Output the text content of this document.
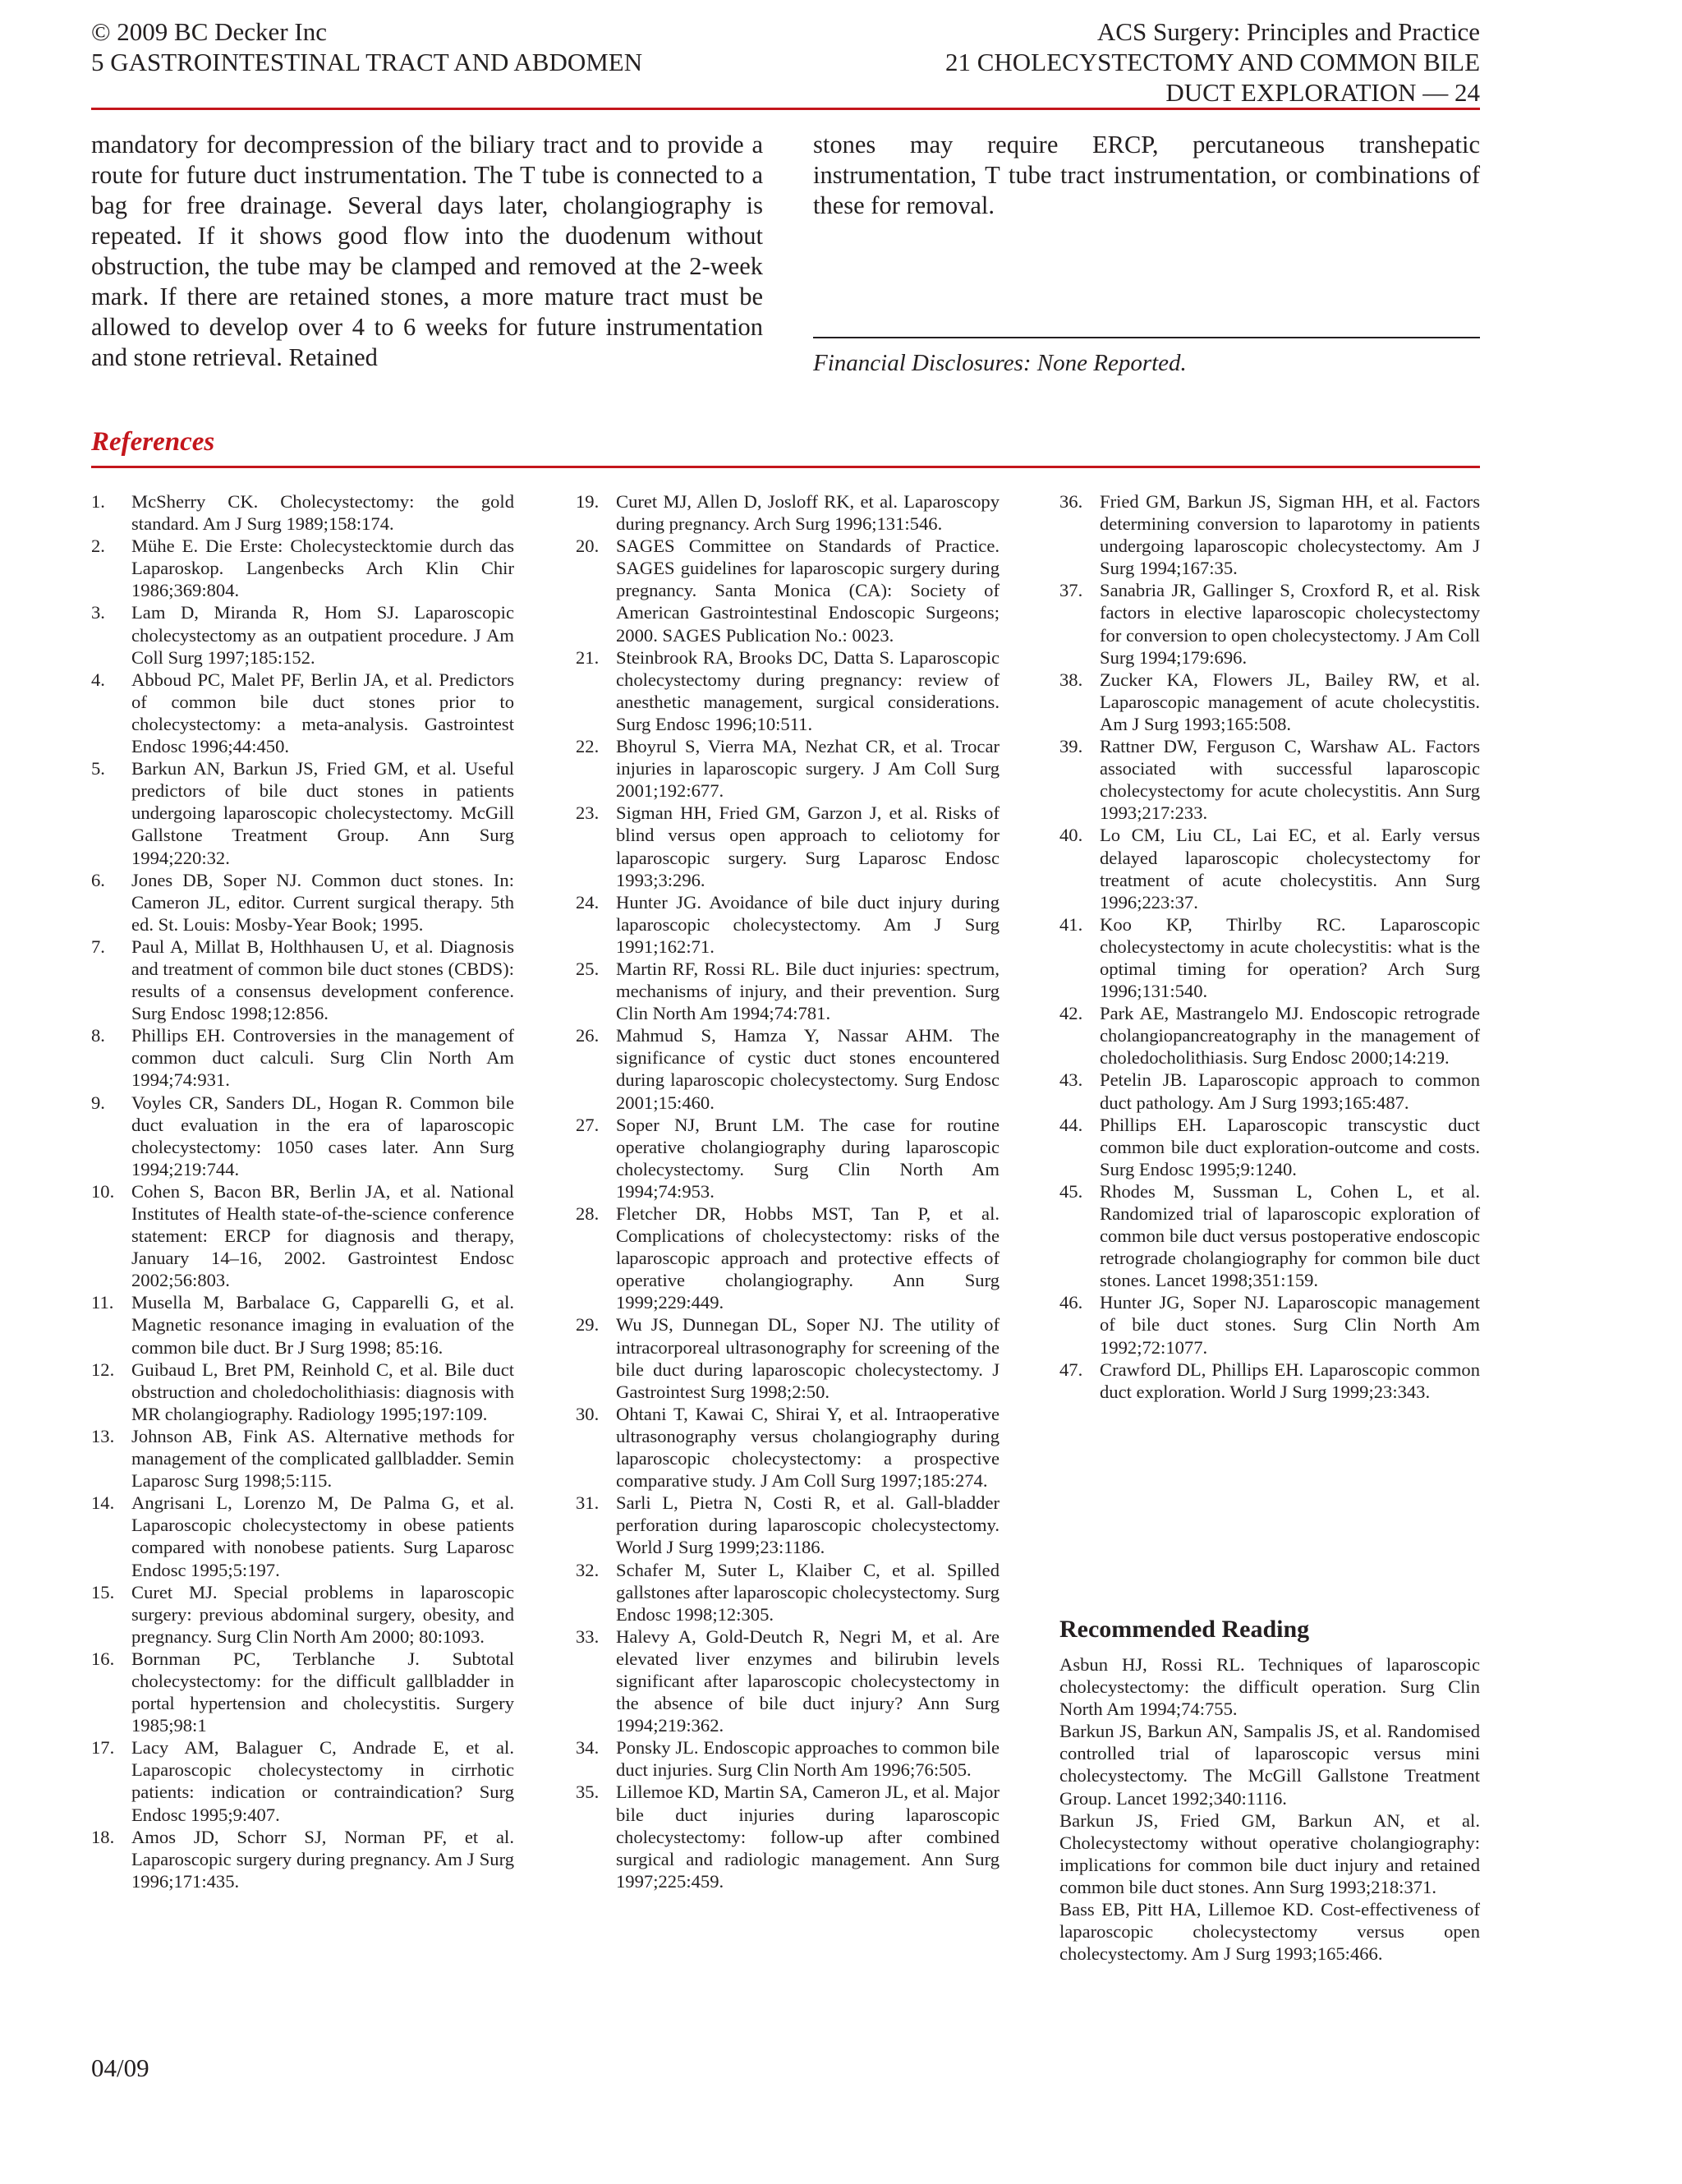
© 2009 BC Decker Inc
5 GASTROINTESTINAL TRACT AND ABDOMEN
ACS Surgery: Principles and Practice
21 CHOLECYSTECTOMY AND COMMON BILE
DUCT EXPLORATION — 24
mandatory for decompression of the biliary tract and to provide a route for future duct instrumentation. The T tube is connected to a bag for free drainage. Several days later, cholangiography is repeated. If it shows good flow into the duodenum without obstruction, the tube may be clamped and removed at the 2-week mark. If there are retained stones, a more mature tract must be allowed to develop over 4 to 6 weeks for future instrumentation and stone retrieval. Retained
stones may require ERCP, percutaneous transhepatic instrumentation, T tube tract instrumentation, or combinations of these for removal.
Financial Disclosures: None Reported.
References
1.	McSherry CK. Cholecystectomy: the gold standard. Am J Surg 1989;158:174.
2.	Mühe E. Die Erste: Cholecystecktomie durch das Laparoskop. Langenbecks Arch Klin Chir 1986;369:804.
3.	Lam D, Miranda R, Hom SJ. Laparoscopic cholecystectomy as an outpatient procedure. J Am Coll Surg 1997;185:152.
4.	Abboud PC, Malet PF, Berlin JA, et al. Predictors of common bile duct stones prior to cholecystectomy: a meta-analysis. Gastrointest Endosc 1996;44:450.
5.	Barkun AN, Barkun JS, Fried GM, et al. Useful predictors of bile duct stones in patients undergoing laparoscopic cholecystectomy. McGill Gallstone Treatment Group. Ann Surg 1994;220:32.
6.	Jones DB, Soper NJ. Common duct stones. In: Cameron JL, editor. Current surgical therapy. 5th ed. St. Louis: Mosby-Year Book; 1995.
7.	Paul A, Millat B, Holthhausen U, et al. Diagnosis and treatment of common bile duct stones (CBDS): results of a consensus development conference. Surg Endosc 1998;12:856.
8.	Phillips EH. Controversies in the management of common duct calculi. Surg Clin North Am 1994;74:931.
9.	Voyles CR, Sanders DL, Hogan R. Common bile duct evaluation in the era of laparoscopic cholecystectomy: 1050 cases later. Ann Surg 1994;219:744.
10. Cohen S, Bacon BR, Berlin JA, et al. National Institutes of Health state-of-the-science conference statement: ERCP for diagnosis and therapy, January 14–16, 2002. Gastrointest Endosc 2002;56:803.
11. Musella M, Barbalace G, Capparelli G, et al. Magnetic resonance imaging in evaluation of the common bile duct. Br J Surg 1998; 85:16.
12. Guibaud L, Bret PM, Reinhold C, et al. Bile duct obstruction and choledocholithiasis: diagnosis with MR cholangiography. Radiology 1995;197:109.
13. Johnson AB, Fink AS. Alternative methods for management of the complicated gallbladder. Semin Laparosc Surg 1998;5:115.
14. Angrisani L, Lorenzo M, De Palma G, et al. Laparoscopic cholecystectomy in obese patients compared with nonobese patients. Surg Laparosc Endosc 1995;5:197.
15. Curet MJ. Special problems in laparoscopic surgery: previous abdominal surgery, obesity, and pregnancy. Surg Clin North Am 2000; 80:1093.
16. Bornman PC, Terblanche J. Subtotal cholecystectomy: for the difficult gallbladder in portal hypertension and cholecystitis. Surgery 1985;98:1
17. Lacy AM, Balaguer C, Andrade E, et al. Laparoscopic cholecystectomy in cirrhotic patients: indication or contraindication? Surg Endosc 1995;9:407.
18. Amos JD, Schorr SJ, Norman PF, et al. Laparoscopic surgery during pregnancy. Am J Surg 1996;171:435.
19. Curet MJ, Allen D, Josloff RK, et al. Laparoscopy during pregnancy. Arch Surg 1996;131:546.
20. SAGES Committee on Standards of Practice. SAGES guidelines for laparoscopic surgery during pregnancy. Santa Monica (CA): Society of American Gastrointestinal Endoscopic Surgeons; 2000. SAGES Publication No.: 0023.
21. Steinbrook RA, Brooks DC, Datta S. Laparoscopic cholecystectomy during pregnancy: review of anesthetic management, surgical considerations. Surg Endosc 1996;10:511.
22. Bhoyrul S, Vierra MA, Nezhat CR, et al. Trocar injuries in laparoscopic surgery. J Am Coll Surg 2001;192:677.
23. Sigman HH, Fried GM, Garzon J, et al. Risks of blind versus open approach to celiotomy for laparoscopic surgery. Surg Laparosc Endosc 1993;3:296.
24. Hunter JG. Avoidance of bile duct injury during laparoscopic cholecystectomy. Am J Surg 1991;162:71.
25. Martin RF, Rossi RL. Bile duct injuries: spectrum, mechanisms of injury, and their prevention. Surg Clin North Am 1994;74:781.
26. Mahmud S, Hamza Y, Nassar AHM. The significance of cystic duct stones encountered during laparoscopic cholecystectomy. Surg Endosc 2001;15:460.
27. Soper NJ, Brunt LM. The case for routine operative cholangiography during laparoscopic cholecystectomy. Surg Clin North Am 1994;74:953.
28. Fletcher DR, Hobbs MST, Tan P, et al. Complications of cholecystectomy: risks of the laparoscopic approach and protective effects of operative cholangiography. Ann Surg 1999;229:449.
29. Wu JS, Dunnegan DL, Soper NJ. The utility of intracorporeal ultrasonography for screening of the bile duct during laparoscopic cholecystectomy. J Gastrointest Surg 1998;2:50.
30. Ohtani T, Kawai C, Shirai Y, et al. Intraoperative ultrasonography versus cholangiography during laparoscopic cholecystectomy: a prospective comparative study. J Am Coll Surg 1997;185:274.
31. Sarli L, Pietra N, Costi R, et al. Gall-bladder perforation during laparoscopic cholecystectomy. World J Surg 1999;23:1186.
32. Schafer M, Suter L, Klaiber C, et al. Spilled gallstones after laparoscopic cholecystectomy. Surg Endosc 1998;12:305.
33. Halevy A, Gold-Deutch R, Negri M, et al. Are elevated liver enzymes and bilirubin levels significant after laparoscopic cholecystectomy in the absence of bile duct injury? Ann Surg 1994;219:362.
34. Ponsky JL. Endoscopic approaches to common bile duct injuries. Surg Clin North Am 1996;76:505.
35. Lillemoe KD, Martin SA, Cameron JL, et al. Major bile duct injuries during laparoscopic cholecystectomy: follow-up after combined surgical and radiologic management. Ann Surg 1997;225:459.
36. Fried GM, Barkun JS, Sigman HH, et al. Factors determining conversion to laparotomy in patients undergoing laparoscopic cholecystectomy. Am J Surg 1994;167:35.
37. Sanabria JR, Gallinger S, Croxford R, et al. Risk factors in elective laparoscopic cholecystectomy for conversion to open cholecystectomy. J Am Coll Surg 1994;179:696.
38. Zucker KA, Flowers JL, Bailey RW, et al. Laparoscopic management of acute cholecystitis. Am J Surg 1993;165:508.
39. Rattner DW, Ferguson C, Warshaw AL. Factors associated with successful laparoscopic cholecystectomy for acute cholecystitis. Ann Surg 1993;217:233.
40. Lo CM, Liu CL, Lai EC, et al. Early versus delayed laparoscopic cholecystectomy for treatment of acute cholecystitis. Ann Surg 1996;223:37.
41. Koo KP, Thirlby RC. Laparoscopic cholecystectomy in acute cholecystitis: what is the optimal timing for operation? Arch Surg 1996;131:540.
42. Park AE, Mastrangelo MJ. Endoscopic retrograde cholangiopancreatography in the management of choledocholithiasis. Surg Endosc 2000;14:219.
43. Petelin JB. Laparoscopic approach to common duct pathology. Am J Surg 1993;165:487.
44. Phillips EH. Laparoscopic transcystic duct common bile duct exploration-outcome and costs. Surg Endosc 1995;9:1240.
45. Rhodes M, Sussman L, Cohen L, et al. Randomized trial of laparoscopic exploration of common bile duct versus postoperative endoscopic retrograde cholangiography for common bile duct stones. Lancet 1998;351:159.
46. Hunter JG, Soper NJ. Laparoscopic management of bile duct stones. Surg Clin North Am 1992;72:1077.
47. Crawford DL, Phillips EH. Laparoscopic common duct exploration. World J Surg 1999;23:343.
Recommended Reading
Asbun HJ, Rossi RL. Techniques of laparoscopic cholecystectomy: the difficult operation. Surg Clin North Am 1994;74:755.
Barkun JS, Barkun AN, Sampalis JS, et al. Randomised controlled trial of laparoscopic versus mini cholecystectomy. The McGill Gallstone Treatment Group. Lancet 1992;340:1116.
Barkun JS, Fried GM, Barkun AN, et al. Cholecystectomy without operative cholangiography: implications for common bile duct injury and retained common bile duct stones. Ann Surg 1993;218:371.
Bass EB, Pitt HA, Lillemoe KD. Cost-effectiveness of laparoscopic cholecystectomy versus open cholecystectomy. Am J Surg 1993;165:466.
04/09
